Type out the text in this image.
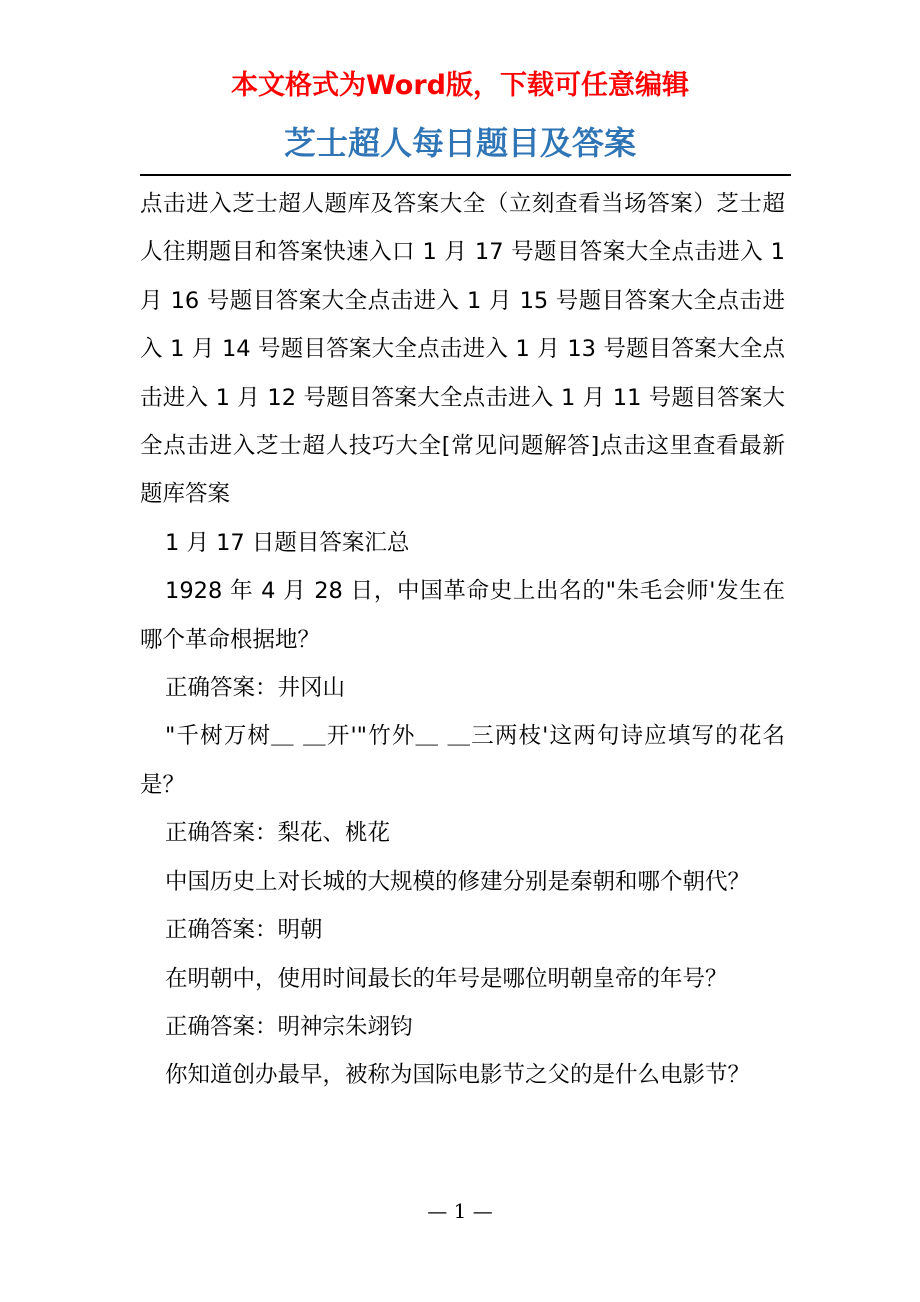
本文格式为Word版，下载可任意编辑
芝士超人每日题目及答案

点击进入芝士超人题库及答案大全（立刻查看当场答案）芝士超人往期题目和答案快速入口 1 月 17 号题目答案大全点击进入 1 月 16 号题目答案大全点击进入 1 月 15 号题目答案大全点击进入 1 月 14 号题目答案大全点击进入 1 月 13 号题目答案大全点击进入 1 月 12 号题目答案大全点击进入 1 月 11 号题目答案大全点击进入芝士超人技巧大全[常见问题解答]点击这里查看最新题库答案

1 月 17 日题目答案汇总

1928 年 4 月 28 日，中国革命史上出名的"朱毛会师'发生在哪个革命根据地？

正确答案：井冈山

"千树万树＿ ＿开'"竹外＿ ＿三两枝'这两句诗应填写的花名是？

正确答案：梨花、桃花

中国历史上对长城的大规模的修建分别是秦朝和哪个朝代？

正确答案：明朝

在明朝中，使用时间最长的年号是哪位明朝皇帝的年号？

正确答案：明神宗朱翊钧

你知道创办最早，被称为国际电影节之父的是什么电影节？

— 1 —
